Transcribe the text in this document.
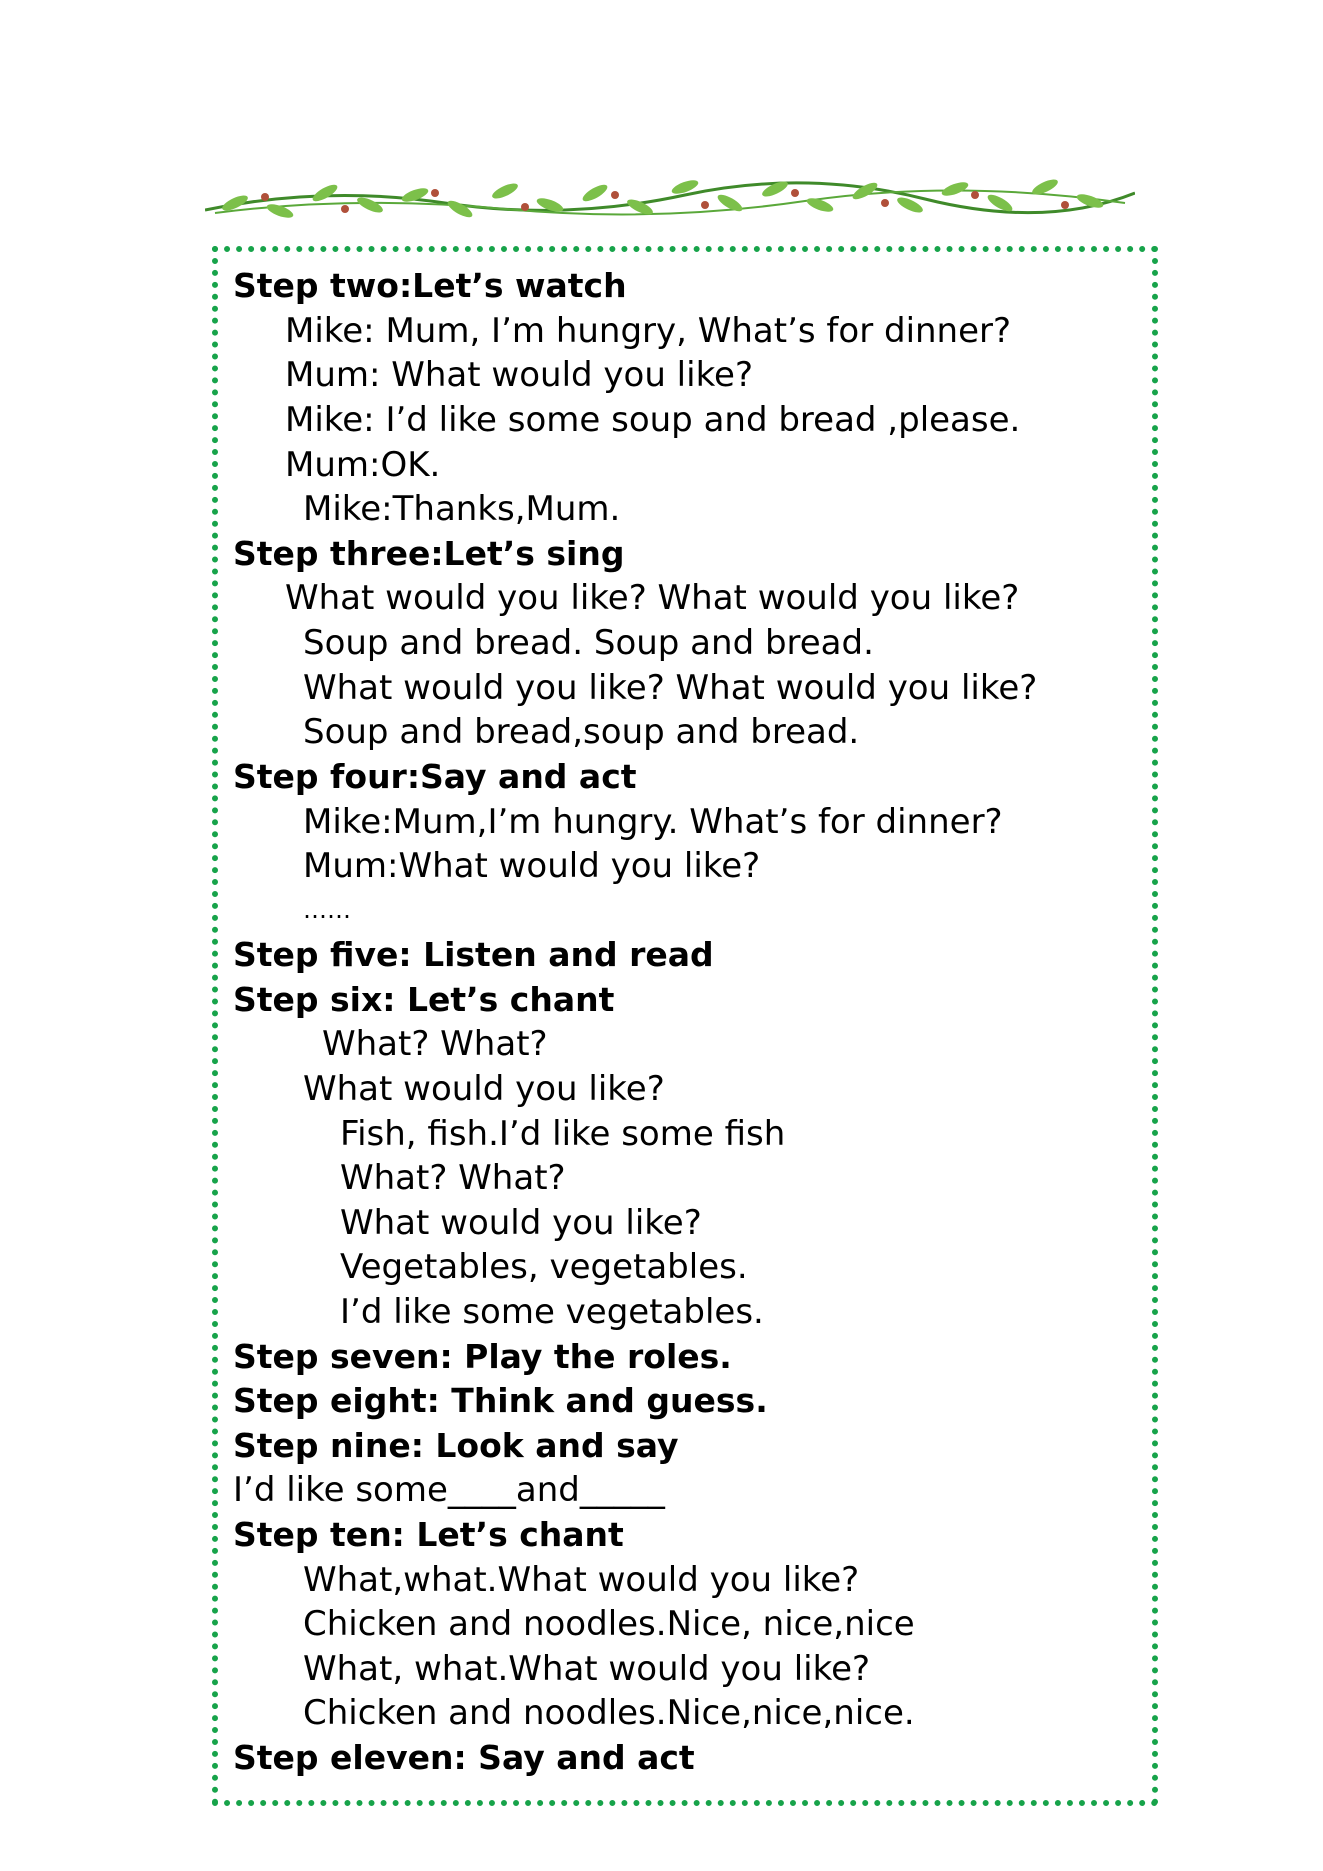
Step two:Let’s watch
Mike: Mum, I’m hungry, What’s for dinner?
Mum: What would you like?
Mike: I’d like some soup and bread ,please.
Mum:OK.
Mike:Thanks,Mum.
Step three:Let’s sing
What would you like? What would you like?
Soup and bread. Soup and bread.
What would you like? What would you like?
Soup and bread,soup and bread.
Step four:Say and act
Mike:Mum,I’m hungry. What’s for dinner?
Mum:What would you like?
……
Step five: Listen and read
Step six: Let’s chant
What? What?
What would you like?
Fish, fish.I’d like some fish
What? What?
What would you like?
Vegetables, vegetables.
I’d like some vegetables.
Step seven: Play the roles.
Step eight: Think and guess.
Step nine: Look and say
I’d like some____and_____
Step ten: Let’s chant
What,what.What would you like?
Chicken and noodles.Nice, nice,nice
What, what.What would you like?
Chicken and noodles.Nice,nice,nice.
Step eleven: Say and act
